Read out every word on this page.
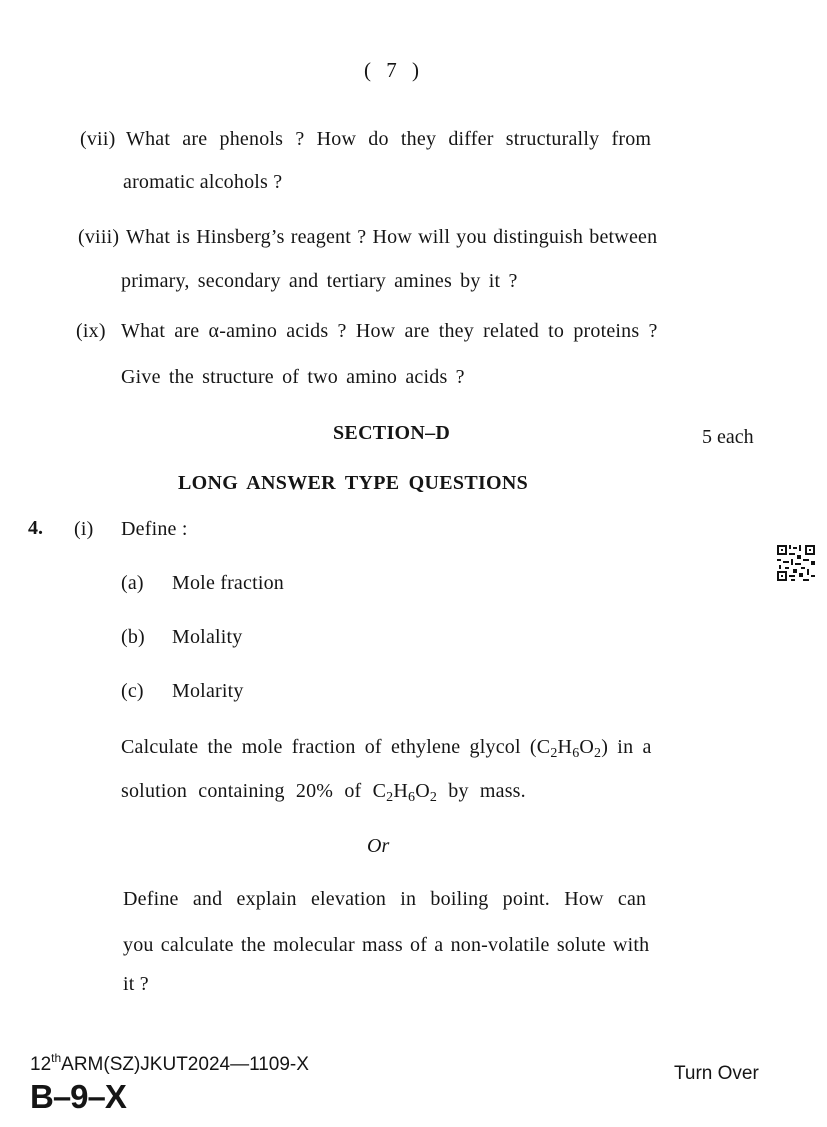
( 7 )
(vii) What are phenols ? How do they differ structurally from
aromatic alcohols ?
(viii) What is Hinsberg’s reagent ? How will you distinguish between
primary, secondary and tertiary amines by it ?
(ix) What are α-amino acids ? How are they related to proteins ?
Give the structure of two amino acids ?
SECTION–D	5 each
LONG ANSWER TYPE QUESTIONS
4. (i) Define :
(a) Mole fraction
(b) Molality
(c) Molarity
Calculate the mole fraction of ethylene glycol $(C_2H_6O_2)$ in a
solution containing 20% of $C_2H_6O_2$ by mass.
Or
Define and explain elevation in boiling point. How can
you calculate the molecular mass of a non-volatile solute with
it ?
12thARM(SZ)JKUT2024—1109-X
B–9–X
Turn Over
